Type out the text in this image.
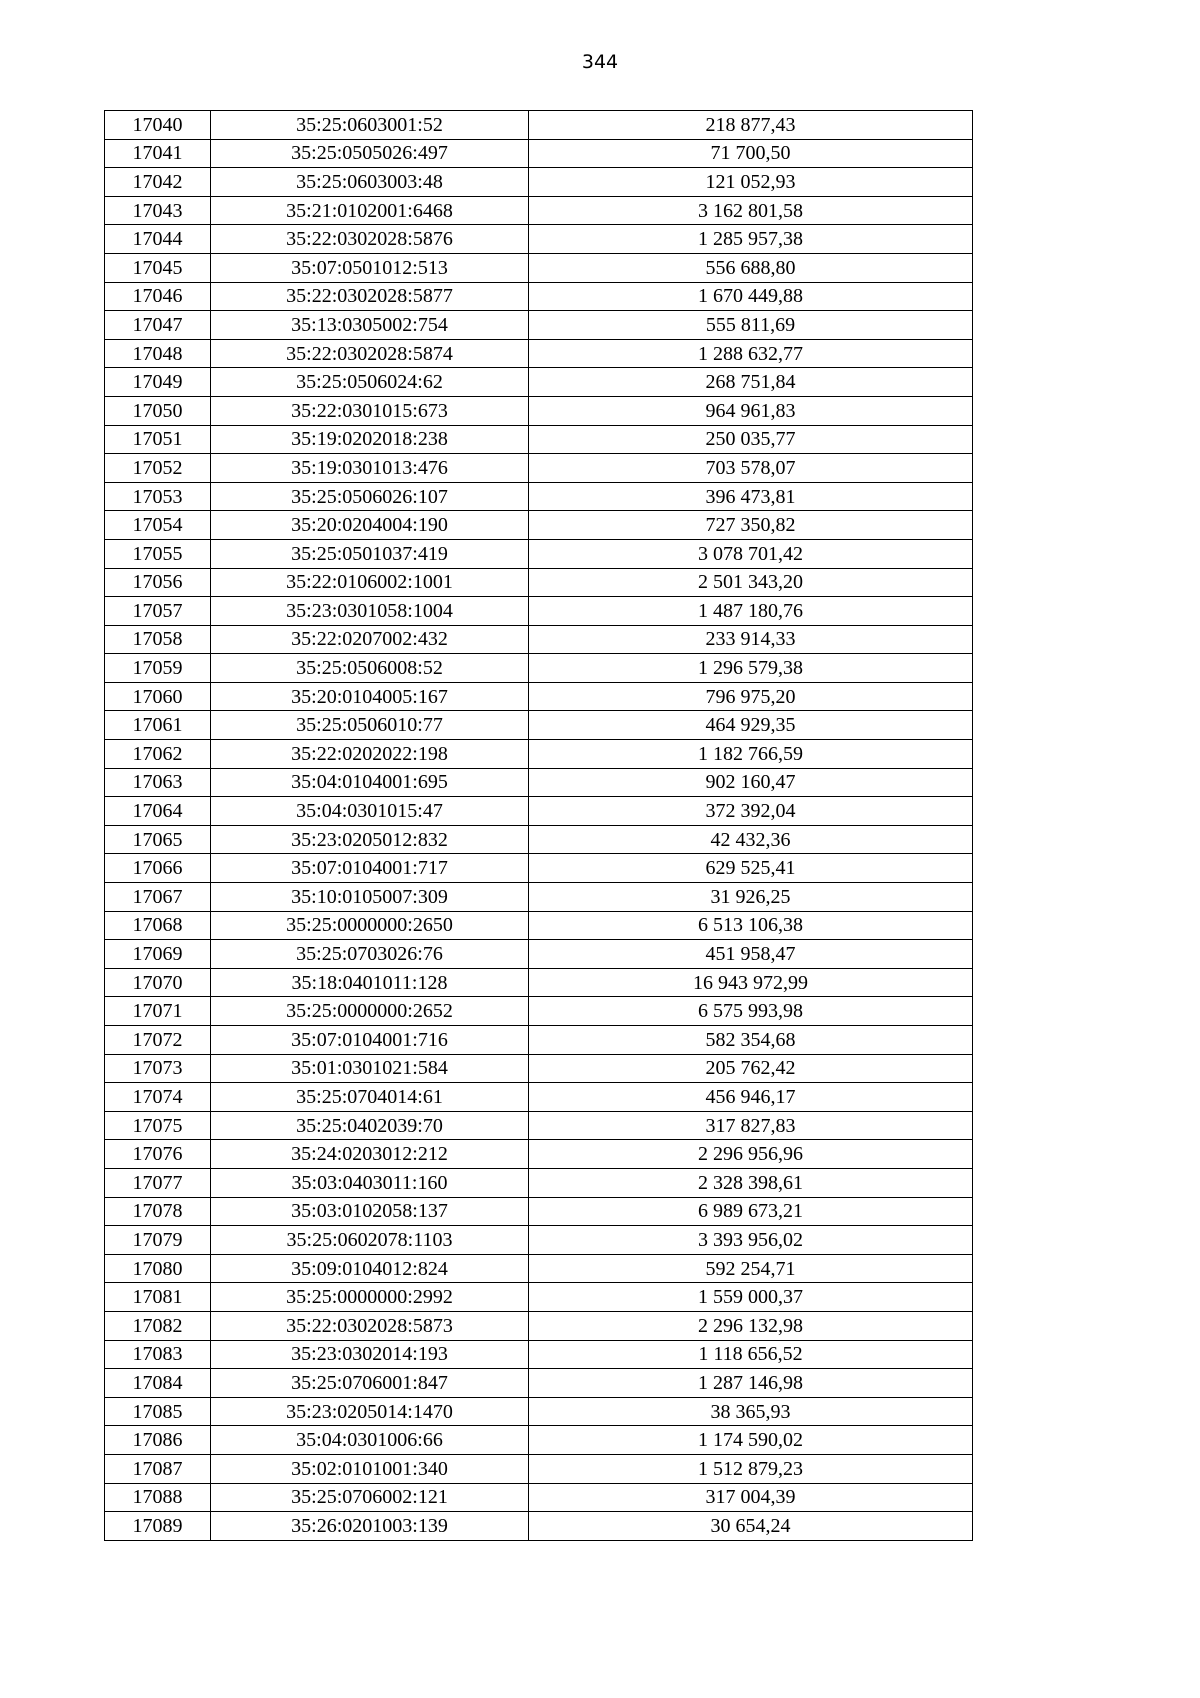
344
17040	35:25:0603001:52	218 877,43
17041	35:25:0505026:497	71 700,50
17042	35:25:0603003:48	121 052,93
17043	35:21:0102001:6468	3 162 801,58
17044	35:22:0302028:5876	1 285 957,38
17045	35:07:0501012:513	556 688,80
17046	35:22:0302028:5877	1 670 449,88
17047	35:13:0305002:754	555 811,69
17048	35:22:0302028:5874	1 288 632,77
17049	35:25:0506024:62	268 751,84
17050	35:22:0301015:673	964 961,83
17051	35:19:0202018:238	250 035,77
17052	35:19:0301013:476	703 578,07
17053	35:25:0506026:107	396 473,81
17054	35:20:0204004:190	727 350,82
17055	35:25:0501037:419	3 078 701,42
17056	35:22:0106002:1001	2 501 343,20
17057	35:23:0301058:1004	1 487 180,76
17058	35:22:0207002:432	233 914,33
17059	35:25:0506008:52	1 296 579,38
17060	35:20:0104005:167	796 975,20
17061	35:25:0506010:77	464 929,35
17062	35:22:0202022:198	1 182 766,59
17063	35:04:0104001:695	902 160,47
17064	35:04:0301015:47	372 392,04
17065	35:23:0205012:832	42 432,36
17066	35:07:0104001:717	629 525,41
17067	35:10:0105007:309	31 926,25
17068	35:25:0000000:2650	6 513 106,38
17069	35:25:0703026:76	451 958,47
17070	35:18:0401011:128	16 943 972,99
17071	35:25:0000000:2652	6 575 993,98
17072	35:07:0104001:716	582 354,68
17073	35:01:0301021:584	205 762,42
17074	35:25:0704014:61	456 946,17
17075	35:25:0402039:70	317 827,83
17076	35:24:0203012:212	2 296 956,96
17077	35:03:0403011:160	2 328 398,61
17078	35:03:0102058:137	6 989 673,21
17079	35:25:0602078:1103	3 393 956,02
17080	35:09:0104012:824	592 254,71
17081	35:25:0000000:2992	1 559 000,37
17082	35:22:0302028:5873	2 296 132,98
17083	35:23:0302014:193	1 118 656,52
17084	35:25:0706001:847	1 287 146,98
17085	35:23:0205014:1470	38 365,93
17086	35:04:0301006:66	1 174 590,02
17087	35:02:0101001:340	1 512 879,23
17088	35:25:0706002:121	317 004,39
17089	35:26:0201003:139	30 654,24
